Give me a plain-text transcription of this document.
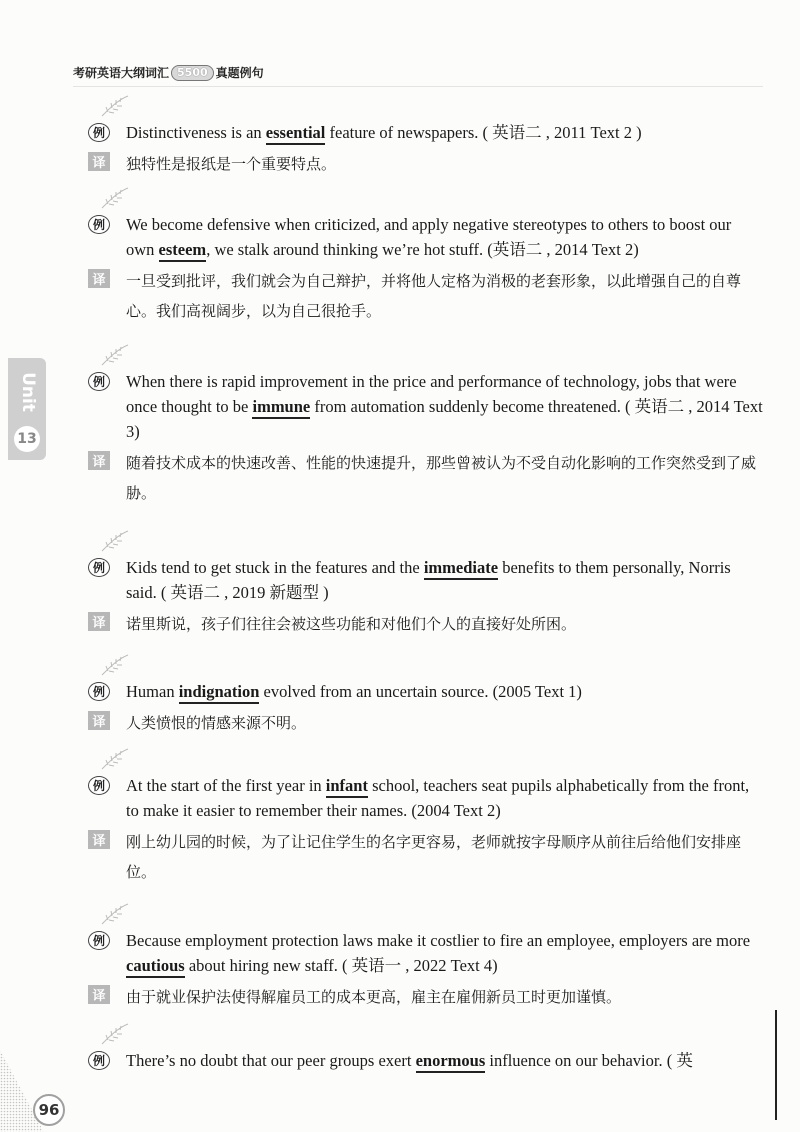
考研英语大纲词汇 5500 真题例句
Unit
13
例	Distinctiveness is an essential feature of newspapers. ( 英语二 , 2011 Text 2 )
译	独特性是报纸是一个重要特点。
例	We become defensive when criticized, and apply negative stereotypes to others to boost our own esteem, we stalk around thinking we’re hot stuff. (英语二 , 2014 Text 2)
译	一旦受到批评，我们就会为自己辩护，并将他人定格为消极的老套形象，以此增强自己的自尊心。我们高视阔步，以为自己很抢手。
例	When there is rapid improvement in the price and performance of technology, jobs that were once thought to be immune from automation suddenly become threatened. ( 英语二 , 2014 Text 3)
译	随着技术成本的快速改善、性能的快速提升，那些曾被认为不受自动化影响的工作突然受到了威胁。
例	Kids tend to get stuck in the features and the immediate benefits to them personally, Norris said. ( 英语二 , 2019 新题型 )
译	诺里斯说，孩子们往往会被这些功能和对他们个人的直接好处所困。
例	Human indignation evolved from an uncertain source. (2005 Text 1)
译	人类愤恨的情感来源不明。
例	At the start of the first year in infant school, teachers seat pupils alphabetically from the front, to make it easier to remember their names. (2004 Text 2)
译	刚上幼儿园的时候，为了让记住学生的名字更容易，老师就按字母顺序从前往后给他们安排座位。
例	Because employment protection laws make it costlier to fire an employee, employers are more cautious about hiring new staff. ( 英语一 , 2022 Text 4)
译	由于就业保护法使得解雇员工的成本更高，雇主在雇佣新员工时更加谨慎。
例	There’s no doubt that our peer groups exert enormous influence on our behavior. ( 英
96
